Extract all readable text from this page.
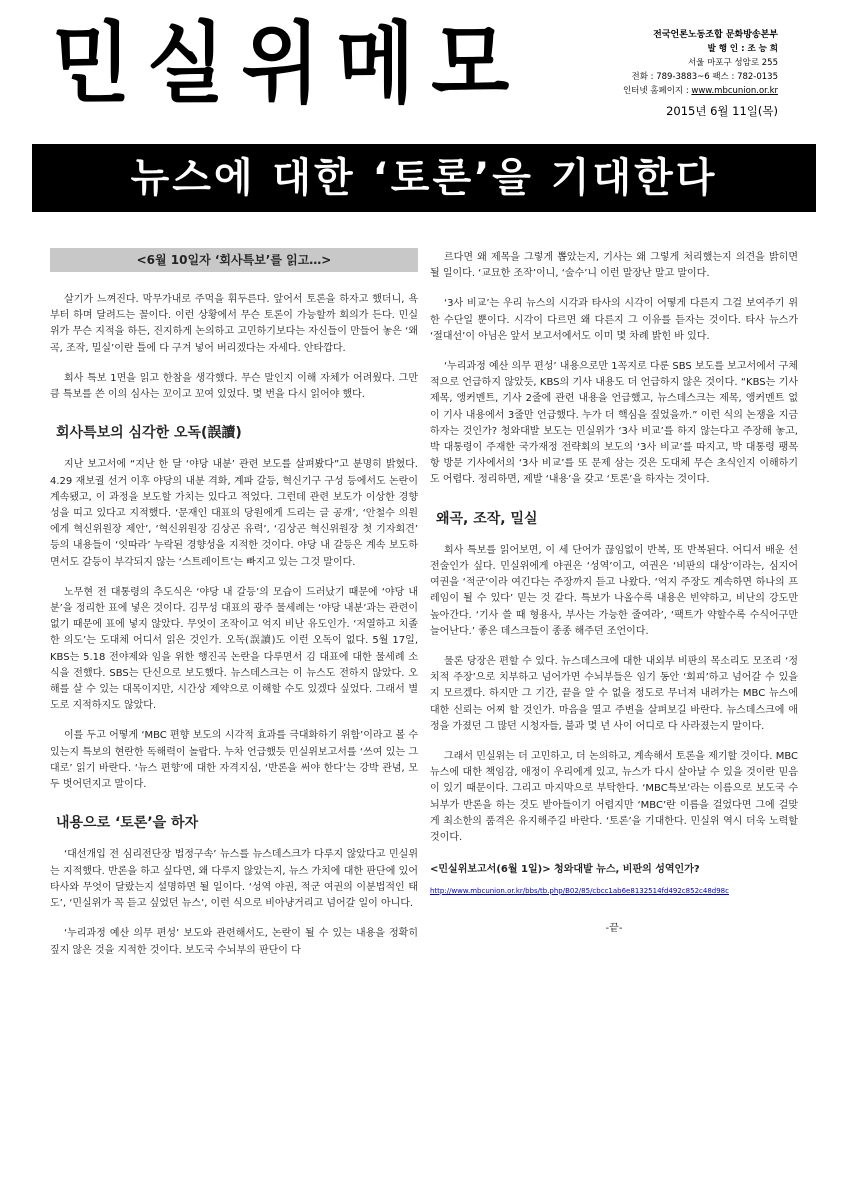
민실위메모	전국언론노동조합 문화방송본부
발 행 인 : 조 능 희
서울 마포구 성암로 255
전화 : 789-3883~6 팩스 : 782-0135
인터넷 홈페이지 : www.mbcunion.or.kr
2015년 6월 11일(목)
뉴스에 대한 ‘토론’을 기대한다
<6월 10일자 ‘회사특보’를 읽고…>

살기가 느껴진다. 막무가내로 주먹을 휘두른다. 앞어서 토론을 하자고 했더니, 욕부터 하며 달려드는 꼴이다. 이런 상황에서 무슨 토론이 가능할까 회의가 든다. 민실위가 무슨 지적을 하든, 진지하게 논의하고 고민하기보다는 자신들이 만들어 놓은 ‘왜곡, 조작, 밀실’이란 틀에 다 구겨 넣어 버리겠다는 자세다. 안타깝다.

회사 특보 1면을 읽고 한참을 생각했다. 무슨 말인지 이해 자체가 어려웠다. 그만큼 특보를 쓴 이의 심사는 꼬이고 꼬여 있었다. 몇 번을 다시 읽어야 했다.

회사특보의 심각한 오독(誤讀)

지난 보고서에 “지난 한 달 ‘야당 내분’ 관련 보도를 살펴봤다”고 분명히 밝혔다. 4.29 재보궐 선거 이후 야당의 내분 격화, 계파 갈등, 혁신기구 구성 등에서도 논란이 계속됐고, 이 과정을 보도할 가치는 있다고 적었다. 그런데 관련 보도가 이상한 경향성을 띠고 있다고 지적했다. ‘문재인 대표의 당원에게 드리는 글 공개’, ‘안철수 의원에게 혁신위원장 제안’, ‘혁신위원장 김상곤 유력’, ‘김상곤 혁신위원장 첫 기자회견’ 등의 내용들이 ‘잇따라’ 누락된 경향성을 지적한 것이다. 야당 내 갈등은 계속 보도하면서도 갈등이 부각되지 않는 ‘스트레이트’는 빠지고 있는 그것 말이다.

노무현 전 대통령의 추도식은 ‘야당 내 갈등’의 모습이 드러났기 때문에 ‘야당 내분’을 정리한 표에 넣은 것이다. 김무성 대표의 광주 물세례는 ‘야당 내분’과는 관련이 없기 때문에 표에 넣지 않았다. 무엇이 조작이고 억지 비난 유도인가. ‘저열하고 치졸한 의도’는 도대체 어디서 읽은 것인가. 오독(誤讀)도 이런 오독이 없다. 5월 17일, KBS는 5.18 전야제와 임을 위한 행진곡 논란을 다루면서 김 대표에 대한 물세례 소식을 전했다. SBS는 단신으로 보도했다. 뉴스데스크는 이 뉴스도 전하지 않았다. 오해를 살 수 있는 대목이지만, 시간상 제약으로 이해할 수도 있겠다 싶었다. 그래서 별도로 지적하지도 않았다.

이를 두고 어떻게 ‘MBC 편향 보도의 시각적 효과를 극대화하기 위함’이라고 볼 수 있는지 특보의 현란한 독해력이 놀랍다. 누차 언급했듯 민실위보고서를 ‘쓰여 있는 그대로’ 읽기 바란다. ‘뉴스 편향’에 대한 자격지심, ‘반론을 써야 한다’는 강박 관념, 모두 벗어던지고 말이다.

내용으로 ‘토론’을 하자

‘대선개입 전 심리전단장 법정구속’ 뉴스를 뉴스데스크가 다루지 않았다고 민실위는 지적했다. 반론을 하고 싶다면, 왜 다루지 않았는지, 뉴스 가치에 대한 판단에 있어 타사와 무엇이 달랐는지 설명하면 될 일이다. ‘성역 야권, 적군 여권의 이분법적인 태도’, ‘민실위가 꼭 듣고 싶었던 뉴스’, 이런 식으로 비아냥거리고 넘어갈 일이 아니다.

‘누리과정 예산 의무 편성’ 보도와 관련해서도, 논란이 될 수 있는 내용을 정확히 짚지 않은 것을 지적한 것이다. 보도국 수뇌부의 판단이 다

르다면 왜 제목을 그렇게 뽑았는지, 기사는 왜 그렇게 처리했는지 의견을 밝히면 될 일이다. ‘교묘한 조작’이니, ‘술수’니 이런 말장난 말고 말이다.

‘3사 비교’는 우리 뉴스의 시각과 타사의 시각이 어떻게 다른지 그걸 보여주기 위한 수단일 뿐이다. 시각이 다르면 왜 다른지 그 이유를 듣자는 것이다. 타사 뉴스가 ‘절대선’이 아님은 앞서 보고서에서도 이미 몇 차례 밝힌 바 있다.

‘누리과정 예산 의무 편성’ 내용으로만 1꼭지로 다룬 SBS 보도를 보고서에서 구체적으로 언급하지 않았듯, KBS의 기사 내용도 더 언급하지 않은 것이다. “KBS는 기사 제목, 앵커멘트, 기사 2줄에 관련 내용을 언급했고, 뉴스데스크는 제목, 앵커멘트 없이 기사 내용에서 3줄만 언급했다. 누가 더 핵심을 짚었을까.” 이런 식의 논쟁을 지금 하자는 것인가? 청와대발 보도는 민실위가 ‘3사 비교’를 하지 않는다고 주장해 놓고, 박 대통령이 주재한 국가재정 전략회의 보도의 ‘3사 비교’를 따지고, 박 대통령 팽목항 방문 기사에서의 ‘3사 비교’를 또 문제 삼는 것은 도대체 무슨 초식인지 이해하기도 어렵다. 정리하면, 제발 ‘내용’을 갖고 ‘토론’을 하자는 것이다.

왜곡, 조작, 밀실

회사 특보를 읽어보면, 이 세 단어가 끊임없이 반복, 또 반복된다. 어디서 배운 선전술인가 싶다. 민실위에게 야권은 ‘성역’이고, 여권은 ‘비판의 대상’이라는, 심지어 여권을 ‘적군’이라 여긴다는 주장까지 듣고 나왔다. ‘억지 주장도 계속하면 하나의 프레임이 될 수 있다’ 믿는 것 같다. 특보가 나올수록 내용은 빈약하고, 비난의 강도만 높아간다. ‘기사 쓸 때 형용사, 부사는 가능한 줄여라’, ‘팩트가 약할수록 수식어구만 늘어난다.’ 좋은 데스크들이 종종 해주던 조언이다.

물론 당장은 편할 수 있다. 뉴스데스크에 대한 내외부 비판의 목소리도 모조리 ‘정치적 주장’으로 치부하고 넘어가면 수뇌부들은 임기 동안 ‘회피’하고 넘어갈 수 있을지 모르겠다. 하지만 그 기간, 끝을 알 수 없을 정도로 무너져 내려가는 MBC 뉴스에 대한 신뢰는 어찌 할 것인가. 마음을 열고 주변을 살펴보길 바란다. 뉴스데스크에 애정을 가졌던 그 많던 시청자들, 불과 몇 년 사이 어디로 다 사라졌는지 말이다.

그래서 민실위는 더 고민하고, 더 논의하고, 계속해서 토론을 제기할 것이다. MBC 뉴스에 대한 책임감, 애정이 우리에게 있고, 뉴스가 다시 살아날 수 있을 것이란 믿음이 있기 때문이다. 그리고 마지막으로 부탁한다. ‘MBC특보’라는 이름으로 보도국 수뇌부가 반론을 하는 것도 받아들이기 어렵지만 ‘MBC’란 이름을 걸었다면 그에 걸맞게 최소한의 품격은 유지해주길 바란다. ‘토론’을 기대한다. 민실위 역시 더욱 노력할 것이다.

<민실위보고서(6월 1일)> 청와대발 뉴스, 비판의 성역인가?
http://www.mbcunion.or.kr/bbs/tb.php/B02/85/cbcc1ab6e8132514fd492c852c48d98c
-끝-
